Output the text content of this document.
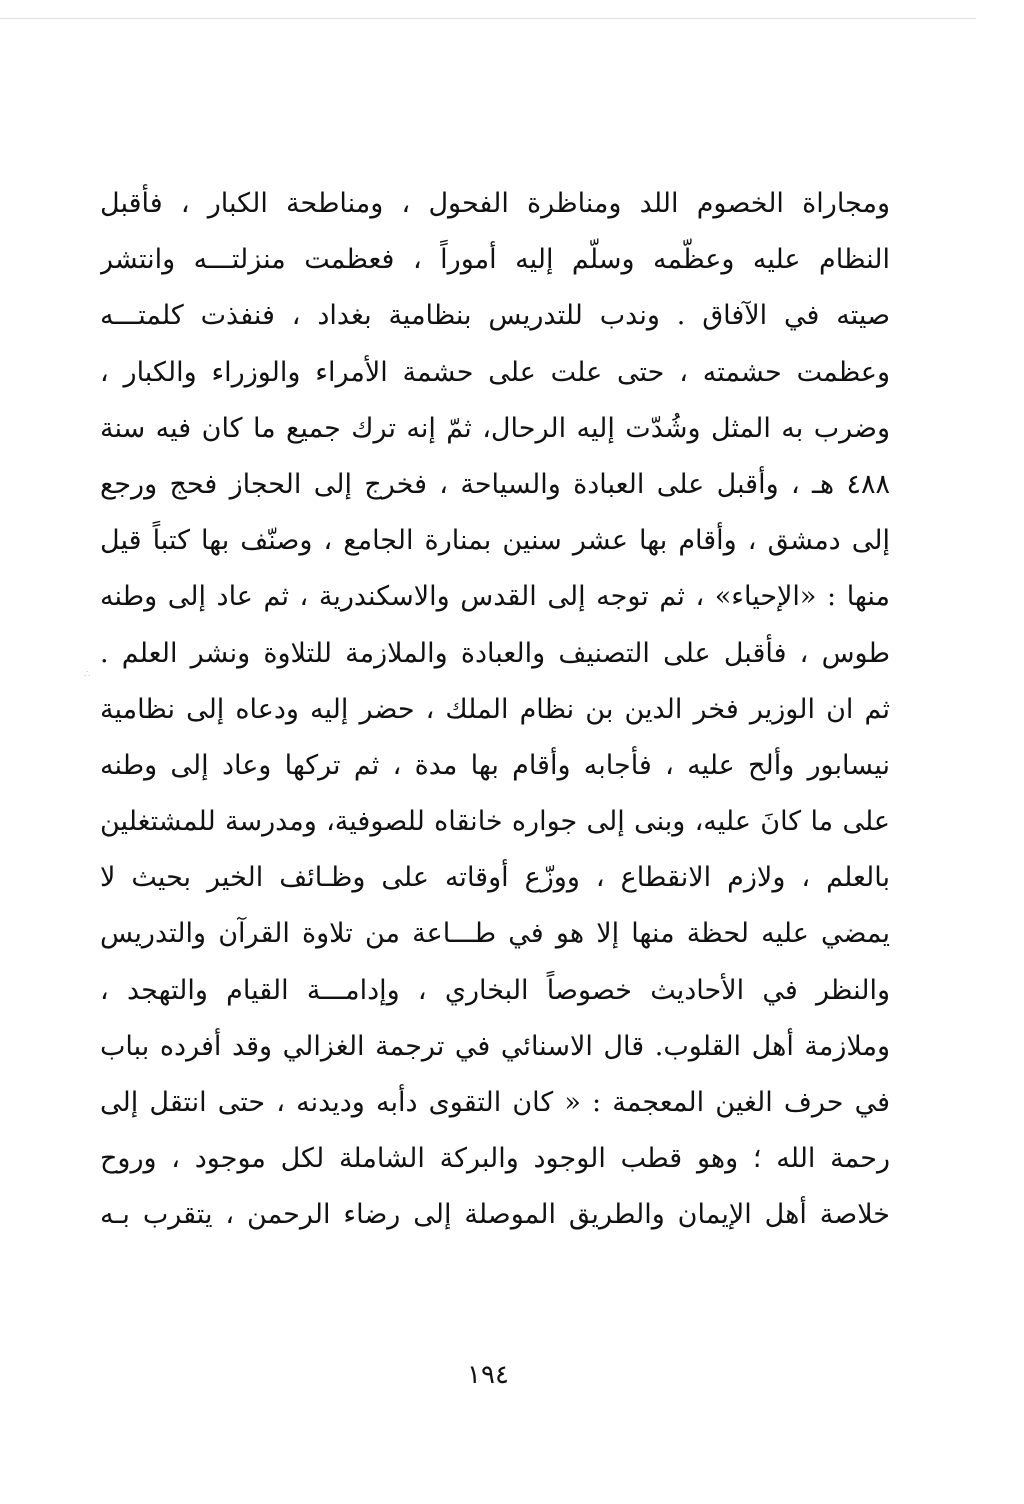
∴
ومجاراة الخصوم اللد ومناظرة الفحول ، ومناطحة الكبار ، فأقبل
النظام عليه وعظّمه وسلّم إليه أموراً ، فعظمت منزلتـــه وانتشر
صيته في الآفاق . وندب للتدريس بنظامية بغداد ، فنفذت كلمتـــه
وعظمت حشمته ، حتى علت على حشمة الأمراء والوزراء والكبار ،
وضرب به المثل وشُدّت إليه الرحال، ثمّ إنه ترك جميع ما كان فيه سنة
٤٨٨ هـ ، وأقبل على العبادة والسياحة ، فخرج إلى الحجاز فحج ورجع
إلى دمشق ، وأقام بها عشر سنين بمنارة الجامع ، وصنّف بها كتباً قيل
منها : «الإحياء» ، ثم توجه إلى القدس والاسكندرية ، ثم عاد إلى وطنه
طوس ، فأقبل على التصنيف والعبادة والملازمة للتلاوة ونشر العلم .
ثم ان الوزير فخر الدين بن نظام الملك ، حضر إليه ودعاه إلى نظامية
نيسابور وألح عليه ، فأجابه وأقام بها مدة ، ثم تركها وعاد إلى وطنه
على ما كانَ عليه، وبنى إلى جواره خانقاه للصوفية، ومدرسة للمشتغلين
بالعلم ، ولازم الانقطاع ، ووزّع أوقاته على وظـائف الخير بحيث لا
يمضي عليه لحظة منها إلا هو في طـــاعة من تلاوة القرآن والتدريس
والنظر في الأحاديث خصوصاً البخاري ، وإدامـــة القيام والتهجد ،
وملازمة أهل القلوب. قال الاسنائي في ترجمة الغزالي وقد أفرده بباب
في حرف الغين المعجمة : « كان التقوى دأبه وديدنه ، حتى انتقل إلى
رحمة الله ؛ وهو قطب الوجود والبركة الشاملة لكل موجود ، وروح
خلاصة أهل الإيمان والطريق الموصلة إلى رضاء الرحمن ، يتقرب بـه
١٩٤
